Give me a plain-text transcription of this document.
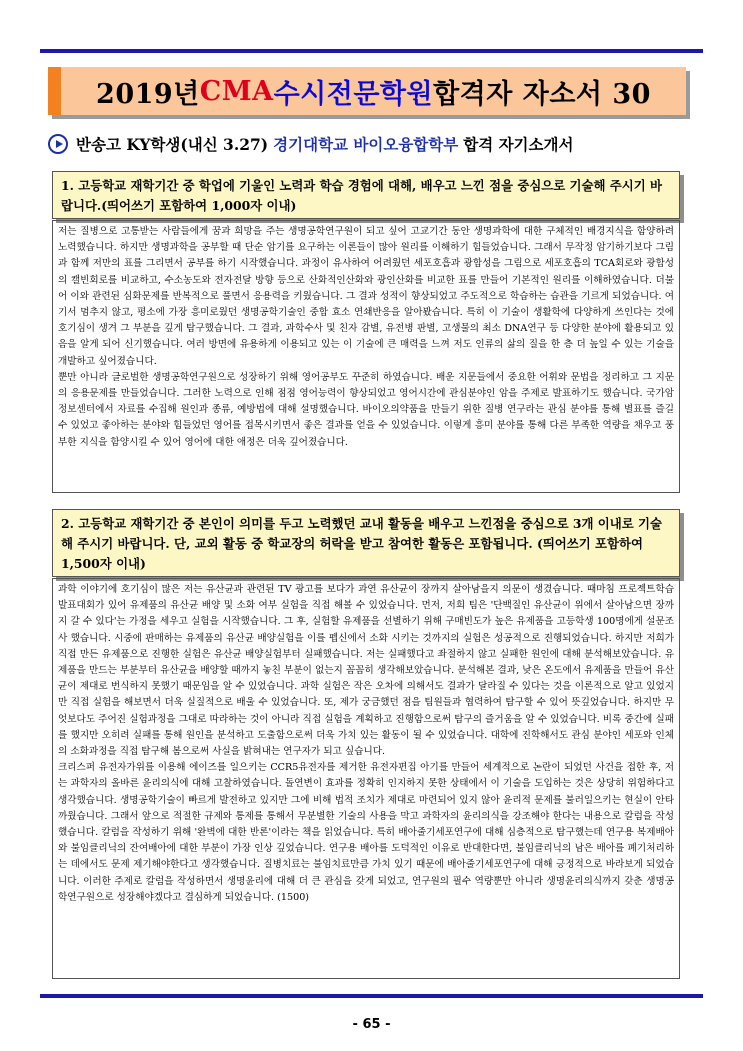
2019년 CMA 수시전문학원 합격자 자소서 30
반송고 KY학생(내신 3.27) 경기대학교 바이오융합학부 합격 자기소개서
1. 고등학교 재학기간 중 학업에 기울인 노력과 학습 경험에 대해, 배우고 느낀 점을 중심으로 기술해 주시기 바랍니다.(띄어쓰기 포함하여 1,000자 이내)

저는 질병으로 고통받는 사람들에게 꿈과 희망을 주는 생명공학연구원이 되고 싶어 고교기간 동안 생명과학에 대한 구체적인 배경지식을 함양하려 노력했습니다. 하지만 생명과학을 공부할 때 단순 암기를 요구하는 이론들이 많아 원리를 이해하기 힘들었습니다. 그래서 무작정 암기하기보다 그림과 함께 저만의 표를 그리면서 공부를 하기 시작했습니다. 과정이 유사하여 어려웠던 세포호흡과 광합성을 그림으로 세포호흡의 TCA회로와 광합성의 캘빈회로를 비교하고, 수소농도와 전자전달 방향 등으로 산화적인산화와 광인산화를 비교한 표를 만들어 기본적인 원리를 이해하였습니다. 더불어 이와 관련된 심화문제를 반복적으로 풀면서 응용력을 키웠습니다. 그 결과 성적이 향상되었고 주도적으로 학습하는 습관을 기르게 되었습니다. 여기서 멈추지 않고, 평소에 가장 흥미로웠던 생명공학기술인 중합 효소 연쇄반응을 알아봤습니다. 특히 이 기술이 생활학에 다양하게 쓰인다는 것에 호기심이 생겨 그 부분을 깊게 탐구했습니다. 그 결과, 과학수사 및 친자 감별, 유전병 판별, 고생물의 최소 DNA연구 등 다양한 분야에 활용되고 있음을 알게 되어 신기했습니다. 여러 방면에 유용하게 이용되고 있는 이 기술에 큰 매력을 느껴 저도 인류의 삶의 질을 한 층 더 높일 수 있는 기술을 개발하고 싶어졌습니다.

뿐만 아니라 글로벌한 생명공학연구원으로 성장하기 위해 영어공부도 꾸준히 하였습니다. 배운 지문들에서 중요한 어휘와 문법을 정리하고 그 지문의 응용문제를 만들었습니다. 그러한 노력으로 인해 점점 영어능력이 향상되었고 영어시간에 관심분야인 암을 주제로 발표하기도 했습니다. 국가암정보센터에서 자료를 수집해 원인과 종류, 예방법에 대해 설명했습니다. 바이오의약품을 만들기 위한 질병 연구라는 관심 분야를 통해 별표를 즐길 수 있었고 좋아하는 분야와 힘들었던 영어를 접목시키면서 좋은 결과를 얻을 수 있었습니다. 이렇게 흥미 분야를 통해 다른 부족한 역량을 채우고 풍부한 지식을 함양시킬 수 있어 영어에 대한 애정은 더욱 깊어졌습니다.

2. 고등학교 재학기간 중 본인이 의미를 두고 노력했던 교내 활동을 배우고 느낀점을 중심으로 3개 이내로 기술해 주시기 바랍니다. 단, 교외 활동 중 학교장의 허락을 받고 참여한 활동은 포함됩니다. (띄어쓰기 포함하여 1,500자 이내)

과학 이야기에 호기심이 많은 저는 유산균과 관련된 TV 광고를 보다가 과연 유산균이 장까지 살아남을지 의문이 생겼습니다. 때마침 프로젝트학습 발표대회가 있어 유제품의 유산균 배양 및 소화 여부 실험을 직접 해볼 수 있었습니다. 먼저, 저희 팀은 '단백질인 유산균이 위에서 살아남으면 장까지 갈 수 있다'는 가정을 세우고 실험을 시작했습니다. 그 후, 실험할 유제품을 선별하기 위해 구매빈도가 높은 유제품을 고등학생 100명에게 설문조사 했습니다. 시중에 판매하는 유제품의 유산균 배양실험을 이를 펩신에서 소화 시키는 것까지의 실험은 성공적으로 진행되었습니다. 하지만 저희가 직접 만든 유제품으로 진행한 실험은 유산균 배양실험부터 실패했습니다. 저는 실패했다고 좌절하지 않고 실패한 원인에 대해 분석해보았습니다. 유제품을 만드는 부분부터 유산균을 배양할 때까지 놓친 부분이 없는지 꼼꼼히 생각해보았습니다. 분석해본 결과, 낮은 온도에서 유제품을 만들어 유산균이 제대로 번식하지 못했기 때문임을 알 수 있었습니다. 과학 실험은 작은 오차에 의해서도 결과가 달라질 수 있다는 것을 이론적으로 알고 있었지만 직접 실험을 해보면서 더욱 실질적으로 배울 수 있었습니다. 또, 제가 궁금했던 점을 팀원들과 협력하여 탐구할 수 있어 뜻깊었습니다. 하지만 무엇보다도 주어진 실험과정을 그대로 따라하는 것이 아니라 직접 실험을 계획하고 진행함으로써 탐구의 즐거움을 알 수 있었습니다. 비록 중간에 실패를 했지만 오히려 실패를 통해 원인을 분석하고 도출함으로써 더욱 가치 있는 활동이 될 수 있었습니다. 대학에 진학해서도 관심 분야인 세포와 인체의 소화과정을 직접 탐구해 봄으로써 사실을 밝혀내는 연구자가 되고 싶습니다.

크리스퍼 유전자가위를 이용해 에이즈를 일으키는 CCR5유전자를 제거한 유전자편집 아기를 만들어 세계적으로 논란이 되었던 사건을 접한 후, 저는 과학자의 올바른 윤리의식에 대해 고찰하였습니다. 돌연변이 효과를 정확히 인지하지 못한 상태에서 이 기술을 도입하는 것은 상당히 위험하다고 생각했습니다. 생명공학기술이 빠르게 발전하고 있지만 그에 비해 법적 조치가 제대로 마련되어 있지 않아 윤리적 문제를 불러일으키는 현실이 안타까웠습니다. 그래서 앞으로 적절한 규제와 통제를 통해서 무분별한 기술의 사용을 막고 과학자의 윤리의식을 강조해야 한다는 내용으로 칼럼을 작성했습니다. 칼럼을 작성하기 위해 '완벽에 대한 반론'이라는 책을 읽었습니다. 특히 배아줄기세포연구에 대해 심층적으로 탐구했는데 연구용 복제배아와 불임클리닉의 잔여배아에 대한 부분이 가장 인상 깊었습니다. 연구용 배아를 도덕적인 이유로 반대한다면, 불임클리닉의 남은 배아를 폐기처리하는 데에서도 문제 제기해야한다고 생각했습니다. 질병치료는 불임치료만큼 가치 있기 때문에 배아줄기세포연구에 대해 긍정적으로 바라보게 되었습니다. 이러한 주제로 칼럼을 작성하면서 생명윤리에 대해 더 큰 관심을 갖게 되었고, 연구원의 필수 역량뿐만 아니라 생명윤리의식까지 갖춘 생명공학연구원으로 성장해야겠다고 결심하게 되었습니다. (1500)

- 65 -
